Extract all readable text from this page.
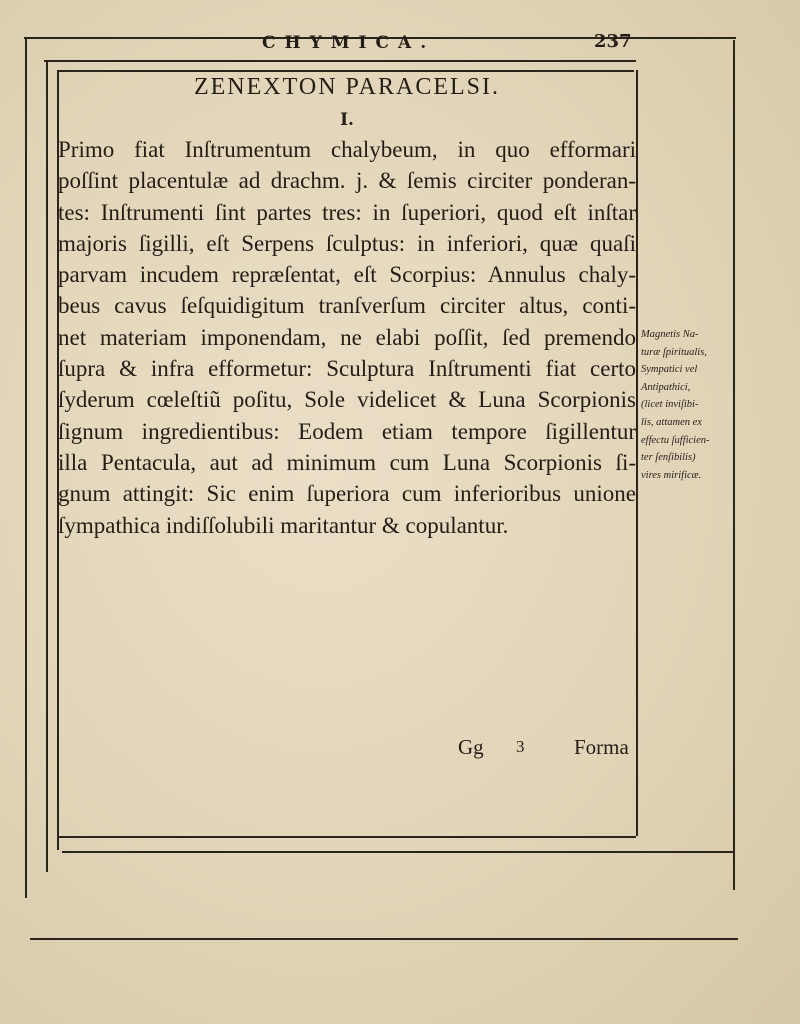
CHYMICA.	237
ZENEXTON PARACELSI.
I.
Primo fiat Inſtrumentum chalybeum, in quo efformari
poſſint placentulæ ad drachm. j. & ſemis circiter ponderan-
tes: Inſtrumenti ſint partes tres: in ſuperiori, quod eſt inſtar
majoris ſigilli, eſt Serpens ſculptus: in inferiori, quæ quaſi
parvam incudem repræſentat, eſt Scorpius: Annulus chaly-
beus cavus ſeſquidigitum tranſverſum circiter altus, conti-
net materiam imponendam, ne elabi poſſit, ſed premendo
ſupra & infra efformetur: Sculptura Inſtrumenti fiat certo
ſyderum cœleſtiũ poſitu, Sole videlicet & Luna Scorpionis
ſignum ingredientibus: Eodem etiam tempore ſigillentur
illa Pentacula, aut ad minimum cum Luna Scorpionis ſi-
gnum attingit: Sic enim ſuperiora cum inferioribus unione
ſympathica indiſſolubili maritantur & copulantur.
Magnetis Na-
turæ ſpiritualis,
Sympatici vel
Antipathici,
(licet inviſibi-
lis, attamen ex
effectu ſufficien-
ter ſenſibilis)
vires mirificæ.
Gg 3 Forma
